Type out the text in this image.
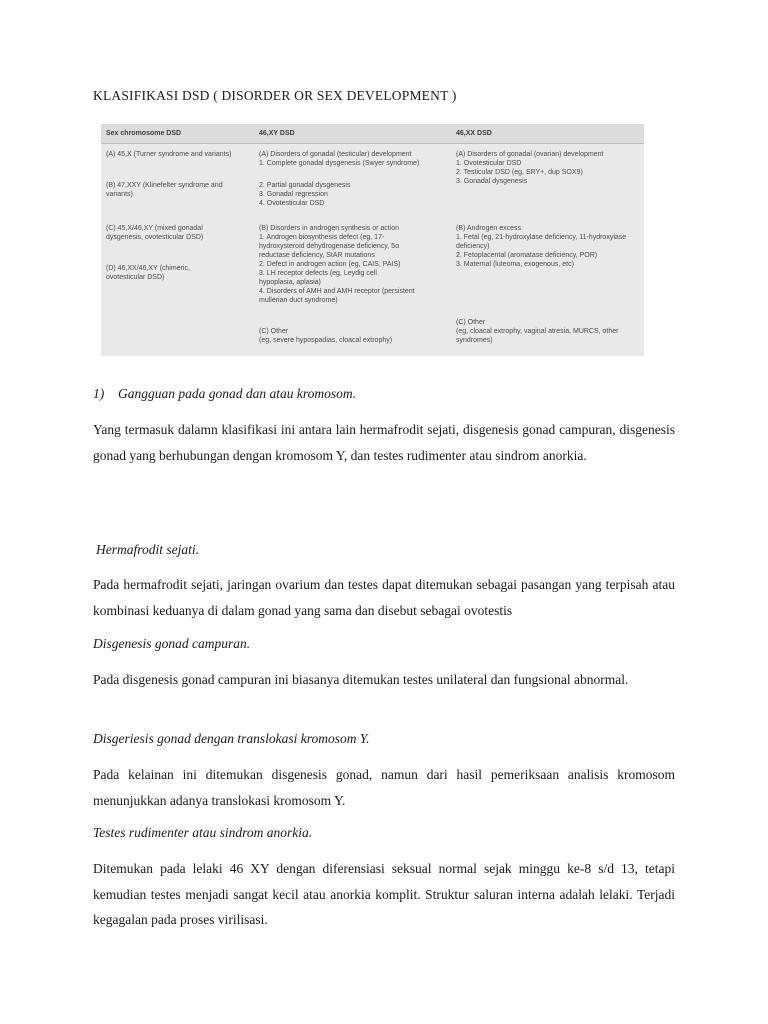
KLASIFIKASI DSD ( DISORDER OR SEX DEVELOPMENT )
Sex chromosome DSD
(A) 45,X (Turner syndrome and variants)
(B) 47,XXY (Klinefelter syndrome and
variants)
(C) 45,X/46,XY (mixed gonadal
dysgenesis, ovotesticular DSD)
(D) 46,XX/46,XY (chimeric,
ovotesticular DSD)
46,XY DSD
(A) Disorders of gonadal (testicular) development
1. Complete gonadal dysgenesis (Swyer syndrome)
2. Partial gonadal dysgenesis
3. Gonadal regression
4. Ovotesticular DSD
(B) Disorders in androgen synthesis or action
1. Androgen biosynthesis defect (eg, 17-
hydroxysteroid dehydrogenase deficiency, 5α
reductase deficiency, StAR mutations
2. Defect in androgen action (eg, CAIS, PAIS)
3. LH receptor defects (eg, Leydig cell
hypoplasia, aplasia)
4. Disorders of AMH and AMH receptor (persistent
mullerian duct syndrome)
(C) Other
(eg, severe hypospadias, cloacal extrophy)
46,XX DSD
(A) Disorders of gonadal (ovarian) development
1. Ovotesticular DSD
2. Testicular DSD (eg, SRY+, dup SOX9)
3. Gonadal dysgenesis
(B) Androgen excess
1. Fetal (eg, 21-hydroxylase deficiency, 11-hydroxylase
deficiency)
2. Fetoplacental (aromatase deficiency, POR)
3. Maternal (luteoma, exogenous, etc)
(C) Other
(eg, cloacal extrophy, vaginal atresia, MURCS, other
syndromes)
1) Gangguan pada gonad dan atau kromosom.

Yang termasuk dalamn klasifikasi ini antara lain hermafrodit sejati, disgenesis gonad campuran, disgenesis gonad yang berhubungan dengan kromosom Y, dan testes rudimenter atau sindrom anorkia.

Hermafrodit sejati.

Pada hermafrodit sejati, jaringan ovarium dan testes dapat ditemukan sebagai pasangan yang terpisah atau kombinasi keduanya di dalam gonad yang sama dan disebut sebagai ovotestis

Disgenesis gonad campuran.

Pada disgenesis gonad campuran ini biasanya ditemukan testes unilateral dan fungsional abnormal.

Disgeriesis gonad dengan translokasi kromosom Y.

Pada kelainan ini ditemukan disgenesis gonad, namun dari hasil pemeriksaan analisis kromosom menunjukkan adanya translokasi kromosom Y.

Testes rudimenter atau sindrom anorkia.

Ditemukan pada lelaki 46 XY dengan diferensiasi seksual normal sejak minggu ke-8 s/d 13, tetapi kemudian testes menjadi sangat kecil atau anorkia komplit. Struktur saluran interna adalah lelaki. Terjadi kegagalan pada proses virilisasi.
